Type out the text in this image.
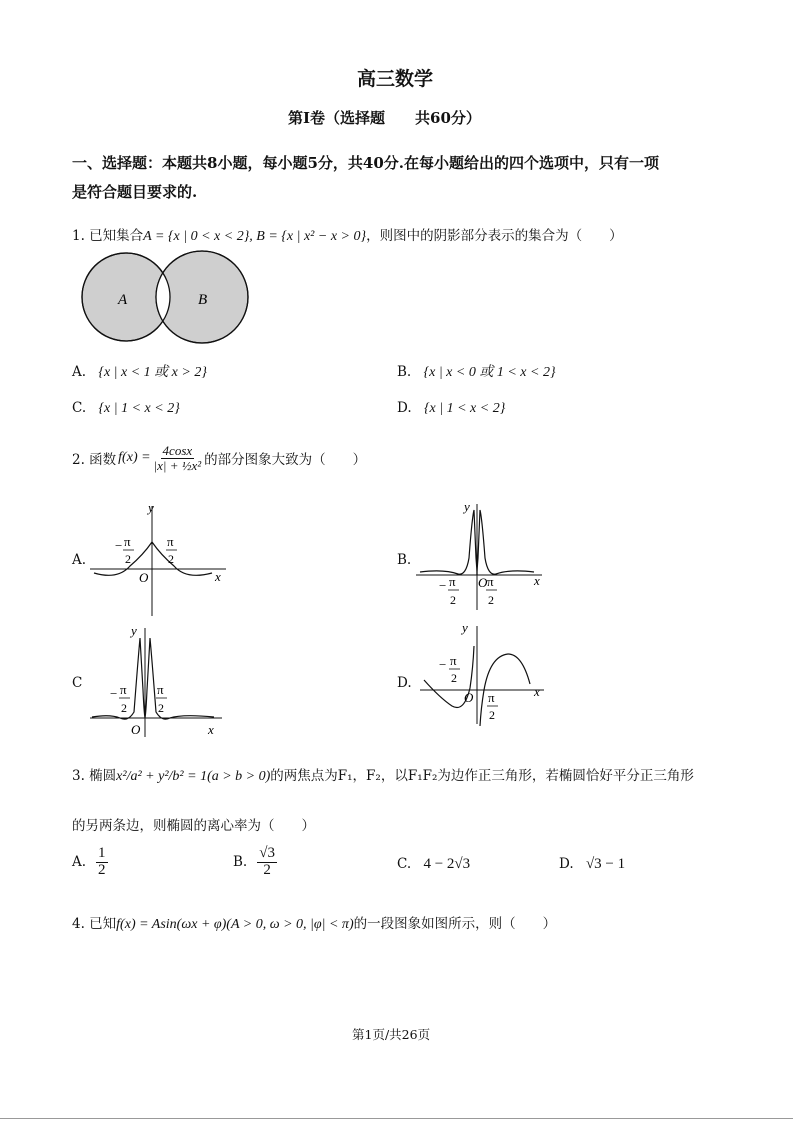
高三数学
第Ⅰ卷（选择题　　共60分）
一、选择题：本题共8小题，每小题5分，共40分.在每小题给出的四个选项中，只有一项
是符合题目要求的.
1. 已知集合A = {x | 0 < x < 2}, B = {x | x² − x > 0}，则图中的阴影部分表示的集合为（　　）
A	B
A. {x | x < 1 或 x > 2}	B. {x | x < 0 或 1 < x < 2}
C. {x | 1 < x < 2}	D. {x | 1 < x < 2}
2. 函数 $f(x) = \frac{4\cos x}{\text{|x| + ½x²}}$ 的部分图象大致为（　　）
A.	B.
C	D.
y
x
O
− π
2
π
2
y
x
O
− π
2
π
2
y
x
O
− π
2
π
2
y
x
O
− π
2
π
2
3. 椭圆x²/a² + y²/b² = 1(a > b > 0)的两焦点为F₁，F₂，以F₁F₂为边作正三角形，若椭圆恰好平分正三角形
的另两条边，则椭圆的离心率为（　　）
A. $\frac{1}{2}$	B. $\frac{√3}{2}$	C. 4 − 2√3	D. √3 − 1
4. 已知f(x) = Asin(ωx + φ)(A > 0, ω > 0, |φ| < π)的一段图象如图所示，则（　　）
第1页/共26页
